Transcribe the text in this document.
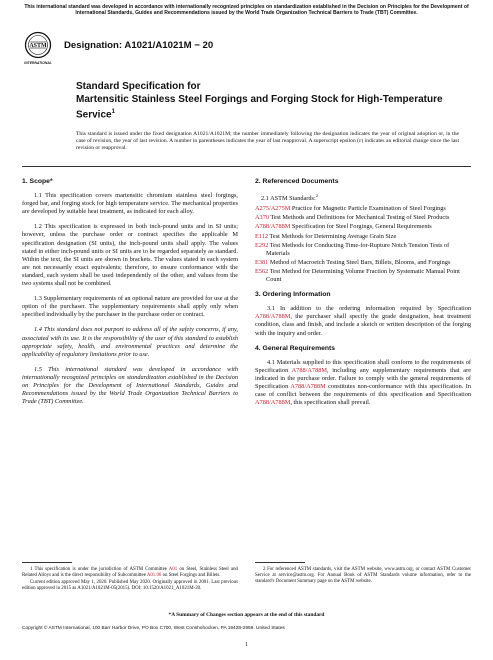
This international standard was developed in accordance with internationally recognized principles on standardization established in the Decision on Principles for the Development of International Standards, Guides and Recommendations issued by the World Trade Organization Technical Barriers to Trade (TBT) Committee.
ASTM
INTERNATIONAL
Designation: A1021/A1021M − 20
Standard Specification for
Martensitic Stainless Steel Forgings and Forging Stock for High-Temperature Service$^1$
This standard is issued under the fixed designation A1021/A1021M; the number immediately following the designation indicates the year of original adoption or, in the case of revision, the year of last revision. A number in parentheses indicates the year of last reapproval. A superscript epsilon (ε) indicates an editorial change since the last revision or reapproval.
1. Scope*

1.1 This specification covers martensitic chromium stainless steel forgings, forged bar, and forging stock for high temperature service. The mechanical properties are developed by suitable heat treatment, as indicated for each alloy.

1.2 This specification is expressed in both inch-pound units and in SI units; however, unless the purchase order or contract specifies the applicable M specification designation (SI units), the inch-pound units shall apply. The values stated in either inch-pound units or SI units are to be regarded separately as standard. Within the text, the SI units are shown in brackets. The values stated in each system are not necessarily exact equivalents; therefore, to ensure conformance with the standard, each system shall be used independently of the other, and values from the two systems shall not be combined.

1.3 Supplementary requirements of an optional nature are provided for use at the option of the purchaser. The supplementary requirements shall apply only when specified individually by the purchaser in the purchase order or contract.

1.4 This standard does not purport to address all of the safety concerns, if any, associated with its use. It is the responsibility of the user of this standard to establish appropriate safety, health, and environmental practices and determine the applicability of regulatory limitations prior to use.

1.5 This international standard was developed in accordance with internationally recognized principles on standardization established in the Decision on Principles for the Development of International Standards, Guides and Recommendations issued by the World Trade Organization Technical Barriers to Trade (TBT) Committee.

2. Referenced Documents
2.1 ASTM Standards:$^2$
A275/A275M Practice for Magnetic Particle Examination of Steel Forgings
A370 Test Methods and Definitions for Mechanical Testing of Steel Products
A788/A788M Specification for Steel Forgings, General Requirements
E112 Test Methods for Determining Average Grain Size
E292 Test Methods for Conducting Time-for-Rupture Notch Tension Tests of Materials
E381 Method of Macroetch Testing Steel Bars, Billets, Blooms, and Forgings
E562 Test Method for Determining Volume Fraction by Systematic Manual Point Count
3. Ordering Information

3.1 In addition to the ordering information required by Specification A788/A788M, the purchaser shall specify the grade designation, heat treatment condition, class and finish, and include a sketch or written description of the forging with the inquiry and order.

4. General Requirements

4.1 Materials supplied to this specification shall conform to the requirements of Specification A788/A788M, including any supplementary requirements that are indicated in the purchase order. Failure to comply with the general requirements of Specification A788/A788M constitutes non-conformance with this specification. In case of conflict between the requirements of this specification and Specification A788/A788M, this specification shall prevail.

1 This specification is under the jurisdiction of ASTM Committee A01 on Steel, Stainless Steel and Related Alloys and is the direct responsibility of Subcommittee A01.06 on Steel Forgings and Billets.

Current edition approved May 1, 2020. Published May 2020. Originally approved in 2001. Last previous edition approved in 2015 as A1021/A1021M-05(2015). DOI: 10.1520/A1021_A1021M-20.

2 For referenced ASTM standards, visit the ASTM website, www.astm.org, or contact ASTM Customer Service at service@astm.org. For Annual Book of ASTM Standards volume information, refer to the standard's Document Summary page on the ASTM website.

*A Summary of Changes section appears at the end of this standard
Copyright © ASTM International, 100 Barr Harbor Drive, PO Box C700, West Conshohocken, PA 19428-2959. United States
1
